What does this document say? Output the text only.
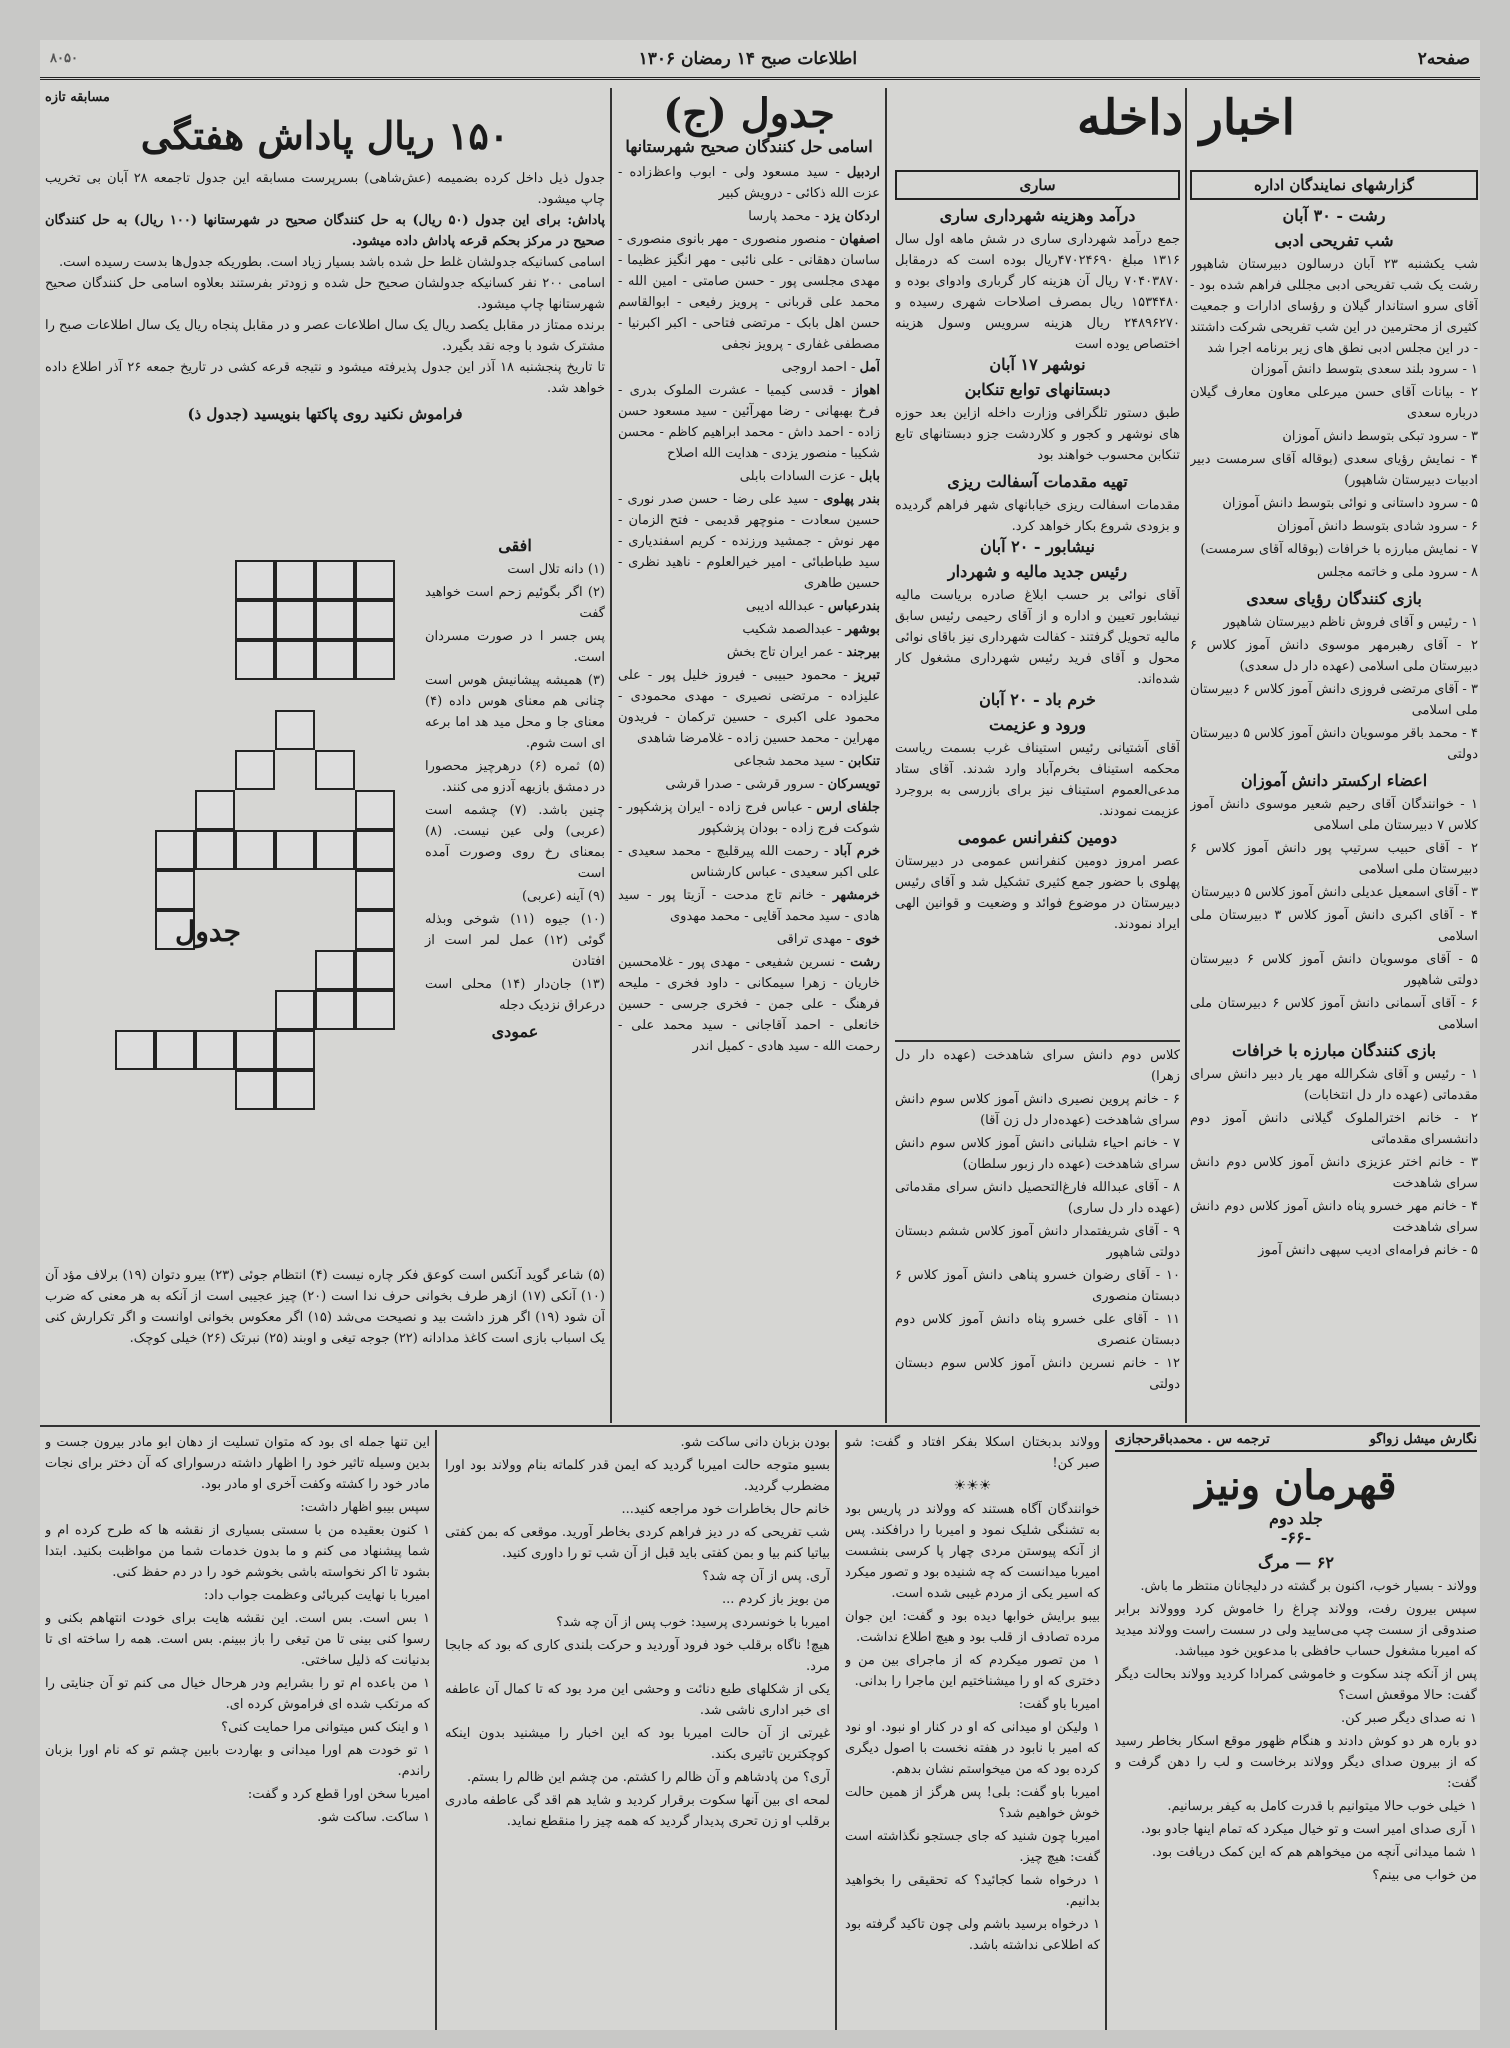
صفحه۲
اطلاعات صبح ۱۴ رمضان ۱۳۰۶
۸۰۵۰
اخبار داخله
گزارشهای نمایندگان اداره
رشت - ۳۰ آبان
شب تفریحی ادبی
شب یکشنبه ۲۳ آبان درسالون دبیرستان شاهپور رشت یک شب تفریحی ادبی مجللی فراهم شده بود - آقای سرو استاندار گیلان و رؤسای ادارات و جمعیت کثیری از محترمین در این شب تفریحی شرکت داشتند - در این مجلس ادبی نطق های زیر برنامه اجرا شد

۱ - سرود بلند سعدی بتوسط دانش آموزان

۲ - بیانات آقای حسن میرعلی معاون معارف گیلان درباره سعدی

۳ - سرود تبکی بتوسط دانش آموزان

۴ - نمایش رؤیای سعدی (بوقاله آقای سرمست دبیر ادبیات دبیرستان شاهپور)

۵ - سرود داستانی و نوائی بتوسط دانش آموزان

۶ - سرود شادی بتوسط دانش آموزان

۷ - نمایش مبارزه با خرافات (بوقاله آقای سرمست)

۸ - سرود ملی و خاتمه مجلس

بازی کنندگان رؤیای سعدی

۱ - رئیس و آقای فروش ناظم دبیرستان شاهپور

۲ - آقای رهبرمهر موسوی دانش آموز کلاس ۶ دبیرستان ملی اسلامی (عهده دار دل سعدی)

۳ - آقای مرتضی فروزی دانش آموز کلاس ۶ دبیرستان ملی اسلامی

۴ - محمد باقر موسویان دانش آموز کلاس ۵ دبیرستان دولتی

اعضاء ارکستر دانش آموزان

۱ - خوانندگان آقای رحیم شعیر موسوی دانش آموز کلاس ۷ دبیرستان ملی اسلامی

۲ - آقای حبیب سرتیپ پور دانش آموز کلاس ۶ دبیرستان ملی اسلامی

۳ - آقای اسمعیل عدیلی دانش آموز کلاس ۵ دبیرستان

۴ - آقای اکبری دانش آموز کلاس ۳ دبیرستان ملی اسلامی

۵ - آقای موسویان دانش آموز کلاس ۶ دبیرستان دولتی شاهپور

۶ - آقای آسمانی دانش آموز کلاس ۶ دبیرستان ملی اسلامی

بازی کنندگان مبارزه با خرافات

۱ - رئیس و آقای شکرالله مهر یار دبیر دانش سرای مقدماتی (عهده دار دل انتخابات)

۲ - خانم اخترالملوک گیلانی دانش آموز دوم دانشسرای مقدماتی

۳ - خانم اختر عزیزی دانش آموز کلاس دوم دانش سرای شاهدخت

۴ - خانم مهر خسرو پناه دانش آموز کلاس دوم دانش سرای شاهدخت

۵ - خانم فرامه‌ای ادیب سپهی دانش آموز

ساری
درآمد وهزینه شهرداری ساری
جمع درآمد شهرداری ساری در شش ماهه اول سال ۱۳۱۶ مبلغ ۴۷۰۲۴۶۹۰ریال بوده است که درمقابل ۷۰۴۰۳۸۷۰ ریال آن هزینه کار گرباری وادوای بوده و ۱۵۳۴۴۸۰ ریال بمصرف اصلاحات شهری رسیده و ۲۴۸۹۶۲۷۰ ریال هزینه سرویس وسول هزینه اختصاص یوده است
نوشهر ۱۷ آبان
دبستانهای توابع تنکابن
طبق دستور تلگرافی وزارت داخله ازاین بعد حوزه های نوشهر و کجور و کلاردشت جزو دبستانهای تابع تنکابن محسوب خواهند بود
تهیه مقدمات آسفالت ریزی
مقدمات اسفالت ریزی خیابانهای شهر فراهم گردیده و بزودی شروع بکار خواهد کرد.
نیشابور - ۲۰ آبان
رئیس جدید مالیه و شهردار
آقای نوائی بر حسب ابلاغ صادره بریاست مالیه نیشابور تعیین و اداره و از آقای رحیمی رئیس سابق مالیه تحویل گرفتند - کفالت شهرداری نیز باقای نوائی محول و آقای فرید رئیس شهرداری مشغول کار شده‌اند.
خرم باد - ۲۰ آبان
ورود و عزیمت
آقای آشتیانی رئیس استیناف غرب بسمت ریاست محکمه استیناف بخرم‌آباد وارد شدند. آقای ستاد مدعی‌العموم استیناف نیز برای بازرسی به بروجرد عزیمت نمودند.
دومین کنفرانس عمومی
عصر امروز دومین کنفرانس عمومی در دبیرستان پهلوی با حضور جمع کثیری تشکیل شد و آقای رئیس دبیرستان در موضوع فوائد و وضعیت و قوانین الهی ایراد نمودند.

کلاس دوم دانش سرای شاهدخت (عهده دار دل زهرا)

۶ - خانم پروین نصیری دانش آموز کلاس سوم دانش سرای شاهدخت (عهده‌دار دل زن آقا)

۷ - خانم احیاء شلبانی دانش آموز کلاس سوم دانش سرای شاهدخت (عهده دار زبور سلطان)

۸ - آقای عبدالله فارغ‌التحصیل دانش سرای مقدماتی (عهده دار دل ساری)

۹ - آقای شریفتمدار دانش آموز کلاس ششم دبستان دولتی شاهپور

۱۰ - آقای‌ رضوان خسرو پناهی دانش آموز کلاس ۶ دبستان منصوری

۱۱ - آقای علی خسرو پناه دانش آموز کلاس دوم دبستان عنصری

۱۲ - خانم نسرین دانش آموز کلاس سوم دبستان دولتی

جدول (ج)
اسامی حل کنندگان صحیح شهرستانها

اردبیل - سید مسعود ولی - ابوب واعظ‌زاده - عزت الله ذکائی - درویش کبیر

اردکان یزد - محمد پارسا

اصفهان - منصور منصوری - مهر بانوی منصوری - ساسان دهقانی - علی نائبی - مهر انگیز عظیما - مهدی مجلسی پور - حسن صامتی - امین الله - محمد علی قربانی - پرویز رفیعی - ابوالقاسم حسن اهل بابک - مرتضی فتاحی - اکبر اکبرنیا - مصطفی غفاری - پرویز نجفی

آمل - احمد اروجی

اهواز - قدسی کیمیا - عشرت الملوک بدری - فرخ بهبهانی - رضا مهرآئین - سید مسعود حسن زاده - احمد داش - محمد ابراهیم کاظم - محسن شکیبا - منصور یزدی - هدایت الله اصلاح

بابل - عزت السادات بابلی

بندر پهلوی - سید علی رضا - حسن صدر نوری - حسین سعادت - منوچهر قدیمی - فتح الزمان - مهر نوش - جمشید ورزنده - کریم اسفندیاری - سید طباطبائی - امیر خیرالعلوم - ناهید نظری - حسین طاهری

بندرعباس - عبدالله ادیبی

بوشهر - عبدالصمد شکیب

بیرجند - عمر ایران تاج بخش

تبریز - محمود حبیبی - فیروز خلیل پور - علی علیزاده - مرتضی نصیری - مهدی محمودی - محمود علی اکبری - حسین ترکمان - فریدون مهراین - محمد حسین زاده - غلامرضا شاهدی

تنکابن - سید محمد شجاعی

تویسرکان - سرور قرشی - صدرا قرشی

جلفای ارس - عباس فرج زاده - ایران پزشکپور - شوکت فرج زاده - بودان پزشکپور

خرم آباد - رحمت الله پیرقلیچ - محمد سعیدی - علی اکبر سعیدی - عباس کارشناس

خرمشهر - خانم تاج مدحت - آزیتا پور - سید هادی - سید محمد آقایی - محمد مهدوی

خوی - مهدی تراقی

رشت - نسرین شفیعی - مهدی پور - غلامحسین خاریان - زهرا سیمکانی - داود فخری - مليحه فرهنگ - علی جمن - فخری جرسی - حسین خانعلی - احمد آقاجانی - سید محمد علی - رحمت الله - سید هادی - کمیل اندر

مسابقه تازه
۱۵۰ ریال پاداش هفتگی
جدول ذیل داخل کرده‌ بضمیمه (عش‌شاهی) بسرپرست مسابقه این جدول تاجمعه ۲۸ آبان بی تخریب چاپ میشود.
پاداش: برای این جدول (۵۰ ریال) به حل کنندگان صحیح در شهرستانها (۱۰۰ ریال) به حل کنندگان صحیح در مرکز بحکم قرعه پاداش داده میشود.
اسامی کسانیکه جدولشان غلط حل شده باشد بسیار زیاد است. بطوریکه جدول‌ها بدست رسیده است.
اسامی ۲۰۰ نفر کسانیکه جدولشان صحیح حل شده و زودتر بفرستند بعلاوه اسامی حل کنندگان صحیح شهرستانها چاپ میشود.
برنده ممتاز در مقابل یکصد ریال یک سال اطلاعات عصر و در مقابل پنجاه ریال یک سال اطلاعات صبح را مشترک شود با وجه نقد بگیرد.
تا تاریخ پنجشنبه ۱۸ آذر این جدول پذیرفته میشود و نتیجه قرعه کشی در تاریخ جمعه ۲۶ آذر اطلاع داده خواهد شد.
فراموش نکنید روی پاکتها بنویسید (جدول ذ)
افقی

(۱) دانه تلال است

(۲) اگر بگوئیم زحم است خواهید گفت

پس جسر ا در صورت مسردان است.

(۳) همیشه پیشانیش هوس است چنانی هم معنای هوس داده (۴) معنای جا و محل مید هد اما برعه ای است شوم.

(۵) ثمره (۶) درهرچیز محصورا در دمشق بازیهه آدزو می کنند.

چنین باشد. (۷) چشمه است (عربی) ولی عین نیست. (۸) بمعنای رخ روی وصورت آمده است

(۹) آینه (عربی)

(۱۰) جیوه (۱۱) شوخی وبذله گوئی (۱۲) عمل لمر است از افتادن

(۱۳) جان‌دار (۱۴) محلی است درعراق نزدیک دجله

عمودی
جدول
(۵) شاعر گوید آنکس است کوعق فکر چاره نیست (۴) انتظام جوئی (۲۳) بیرو دتوان (۱۹) برلاف مؤد آن (۱۰) آنکی (۱۷) ازهر طرف بخوانی حرف ندا است (۲۰) چیز عجیبی است از آنکه به هر معنی که ضرب آن شود (۱۹) اگر هرز داشت بید و نصیحت می‌شد (۱۵) اگر معکوس بخوانی اوانست و اگر تکرارش کنی یک اسباب بازی است کاغذ مدادانه (۲۲) جوجه تیغی و اوبند (۲۵) نبرتک (۲۶) خیلی کوچک.
نگارش میشل زواگو
ترجمه س . محمدباقرحجازی
قهرمان ونیز
جلد دوم
-۶۶-
۶۲ — مرگ

وولاند - بسیار خوب، اکنون بر گشته در دلیجانان منتظر ما باش.

سپس بیرون رفت، وولاند چراغ را خاموش کرد ووولاند برابر صندوقی از سست چپ می‌سایید ولی در سست راست وولاند میدید که امیربا مشغول حساب حافظی با مدعوین خود میباشد.

پس از آنکه چند سکوت و خاموشی کمرادا کردید وولاند بحالت دیگر گفت: حالا موقعش است؟

۱ نه صدای دیگر صبر کن.

دو باره هر دو کوش دادند و هنگام ظهور موقع اسکار بخاطر رسید که از بیرون صدای دیگر وولاند برخاست و لب را دهن گرفت و گفت:

۱ خیلی خوب حالا میتوانیم با قدرت کامل به کیفر برسانیم.

۱ آری صدای امیر است و تو خیال میکرد که تمام اینها جادو بود.

۱ شما میدانی آنچه من میخواهم هم که این کمک دریافت بود.

من خواب می بینم؟

وولاند بدبختان اسکلا بفکر افتاد و گفت: شو صبر کن!

☀☀☀

خوانندگان آگاه هستند که وولاند در پاریس بود به تشنگی شلیک نمود و امیربا را درافکند. پس از آنکه پیوستن مردی چهار پا کرسی بنشست امیربا میدانست که چه شنیده بود و تصور میکرد که اسیر یکی از مردم غیبی شده است.

بیبو برایش خوابها دیده بود و گفت: این جوان مرده تصادف از قلب بود و هیچ اطلاع نداشت.

۱ من تصور میکردم که از ماجرای بین من و دختری که او را میشناختیم این ماجرا را بدانی.

امیربا باو گفت:

۱ ولیکن او میدانی که او در کنار او نبود. او نود که امیر با نابود در هفته نخست با اصول دیگری کرده بود که من میخواستم نشان بدهم.

امیربا باو گفت: بلی! پس هرگز از همین حالت خوش خواهیم شد؟

امیربا چون شنید که جای جستجو نگذاشته است گفت: هیچ چیز.

۱ درخواه شما کجائید؟ که تحقیقی را بخواهید بدانیم.

۱ درخواه برسید باشم ولی چون تاکید گرفته بود که اطلاعی نداشته باشد.

بودن بزبان دانی ساکت شو.

بسیو متوجه حالت امیربا گردید که ایمن قدر کلماته بنام وولاند بود اورا مضطرب گردید.

خانم حال بخاطرات خود مراجعه کنید...

شب تفریحی که در دیز فراهم کردی بخاطر آورید. موقعی که بمن کفتی بیاتیا کنم بیا و بمن کفتی باید قبل از آن شب تو را داوری کنید.

آری. پس از آن چه شد؟

من بویز باز کردم ...

امیربا با خونسردی پرسید: خوب پس از آن چه شد؟

هیچ! ناگاه برقلب خود فرود آوردید و حرکت بلندی کاری که بود که جابجا مرد.

یکی از شکلهای طبع دنائت و وحشی این مرد بود که تا کمال آن عاطفه ای خبر اداری ناشی شد.

غیرتی از آن حالت امیربا بود که این اخبار را میشنید بدون اینکه کوچکترین تاثیری بکند.

آری؟ من پادشاهم و آن ظالم را کشتم. من چشم این ظالم را بستم.

لمحه ای بین آنها سکوت برقرار کردید و شاید هم اقد گی عاطفه مادری برقلب او زن تحری پدیدار گردید که همه چیز را منقطع نماید.

این تنها جمله ای بود که متوان تسلیت از دهان ابو مادر بیرون جست و بدین وسیله تاثیر خود را اظهار داشته درسوارای که آن دختر برای نجات مادر خود را کشته وکفت آخری او مادر بود.

سپس بیبو اظهار داشت:

۱ کنون بعقیده من با سستی بسیاری از نقشه ها که طرح کرده ام و شما پیشنهاد می کنم و ما بدون خدمات شما من مواظبت بکنید. ابتدا بشود تا اکر نخواسته باشی بخوشم خود را در دم حفظ کنی.

امیربا با نهایت کبریائی وعظمت جواب داد:

۱ بس است. بس است. این نقشه هایت برای خودت انتهاهم بکنی و رسوا کنی بینی تا من تیغی را باز ببینم. بس است. همه را ساخته ای تا بدنیانت که ذلیل ساختی.

۱ من باعده ام تو را بشرایم ودر هرحال خیال می کنم تو آن جنایتی را که مرتکب شده ای فراموش کرده ای.

۱ و اینک کس میتوانی مرا حمایت کنی؟

۱ تو خودت هم اورا میدانی و بهاردت بابین چشم تو که نام اورا بزبان راندم.

امیربا سخن اورا قطع کرد و گفت:

۱ ساکت. ساکت شو.
